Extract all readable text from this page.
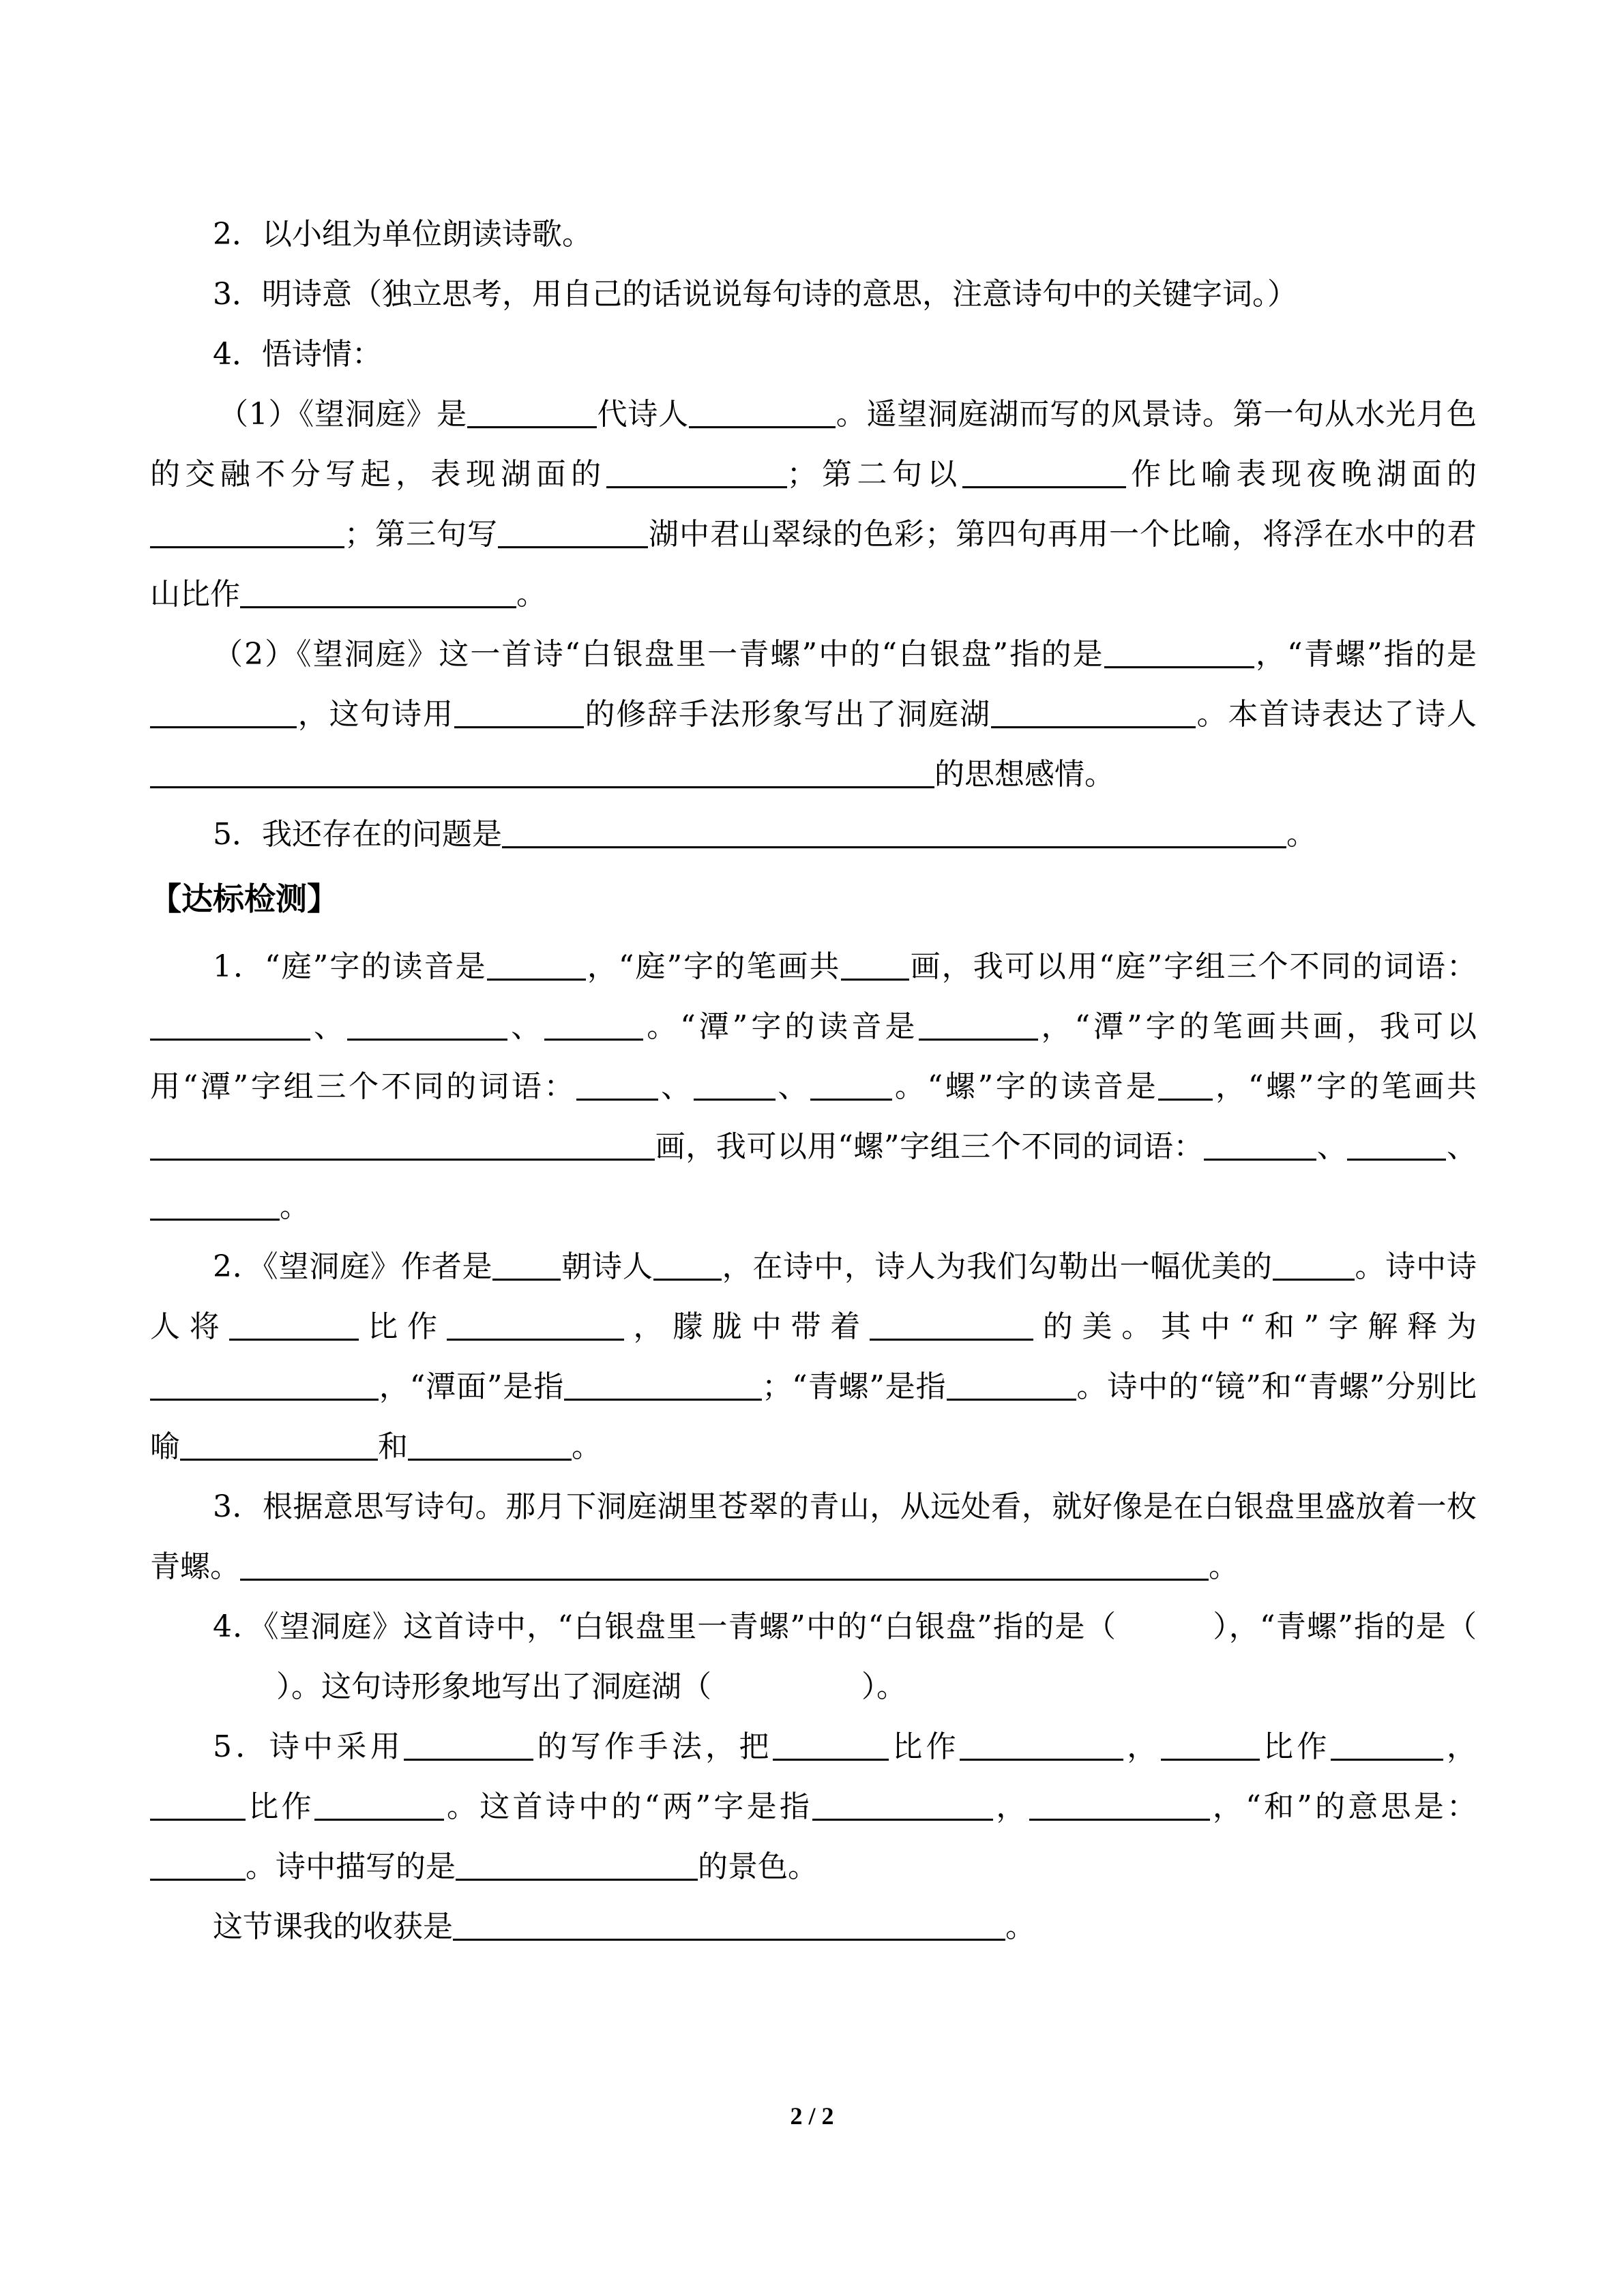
2．以小组为单位朗读诗歌。

3．明诗意（独立思考，用自己的话说说每句诗的意思，注意诗句中的关键字词。）

4．悟诗情：

（1）《望洞庭》是	代诗人	。遥望洞庭湖而写的风景诗。第一句从水光月色的交融不分写起，表现湖面的	；第二句以	作比喻表现夜晚湖面的；第三句写	湖中君山翠绿的色彩；第四句再用一个比喻，将浮在水中的君山比作	。

（2）《望洞庭》这一首诗“白银盘里一青螺”中的“白银盘”指的是	，“青螺”指的是，这句诗用	的修辞手法形象写出了洞庭湖	。本首诗表达了诗人的思想感情。

5．我还存在的问题是	。

【达标检测】

1．“庭”字的读音是	，“庭”字的笔画共 画，我可以用“庭”字组三个不同的词语：、	、	。“潭”字的读音是	，“潭”字的笔画共画，我可以用“潭”字组三个不同的词语：	、	、	。“螺”字的读音是 ，“螺”字的笔画共画，我可以用“螺”字组三个不同的词语：	、	、。

2．《望洞庭》作者是 朝诗人 ，在诗中，诗人为我们勾勒出一幅优美的	。诗中诗人将	比作	，朦胧中带着	的美。其中“和”字解释为，“潭面”是指	；“青螺”是指	。诗中的“镜”和“青螺”分别比喻	和	。

3．根据意思写诗句。那月下洞庭湖里苍翠的青山，从远处看，就好像是在白银盘里盛放着一枚青螺。	。

4．《望洞庭》这首诗中，“白银盘里一青螺”中的“白银盘”指的是（	），“青螺”指的是（）。这句诗形象地写出了洞庭湖（	）。

5．诗中采用	的写作手法，把	比作	，	比作	，比作	。这首诗中的“两”字是指	，	，“和”的意思是：。诗中描写的是	的景色。

这节课我的收获是	。

2 / 2
